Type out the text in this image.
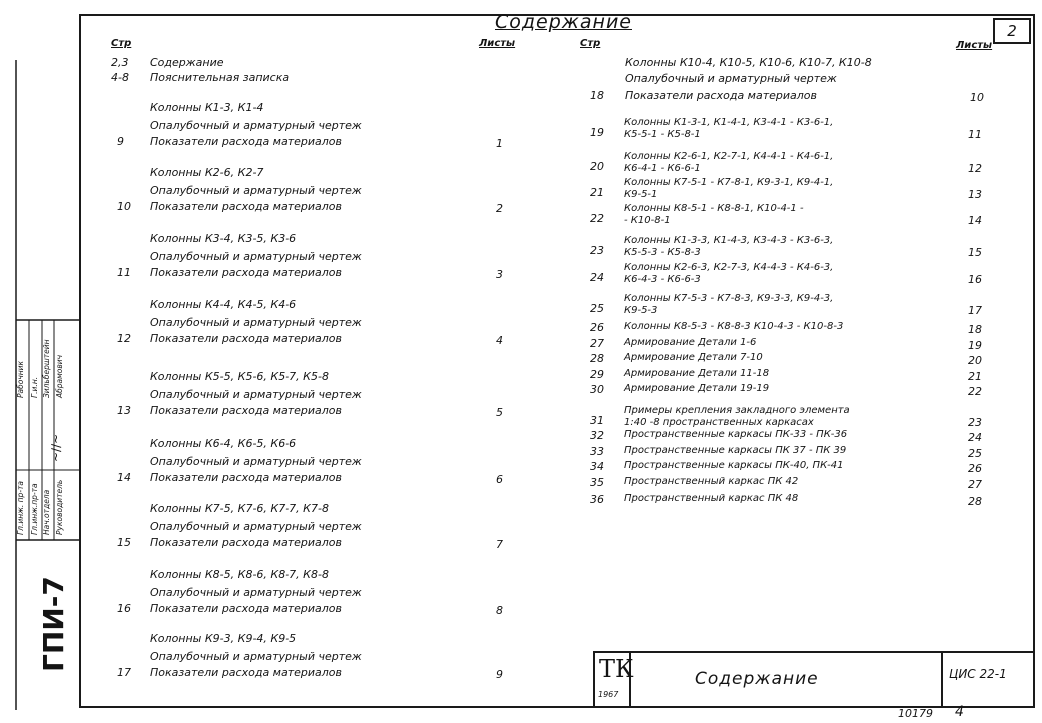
Рабочник Г.и.н. Зильберштейн Абрамович
Гл.инж. пр-та Гл.инж.пр-та Нач.отдела Руководитель
~∕∕~
ГПИ-7
Содержание	2
Стр	Листы	Стр	Листы
2,3 Содержание
4-8 Пояснительная записка
Колонны К1-3, К1-4
Опалубочный и арматурный чертеж
9 Показатели расхода материалов	1
Колонны К2-6, К2-7
Опалубочный и арматурный чертеж
10 Показатели расхода материалов	2
Колонны К3-4, К3-5, К3-6
Опалубочный и арматурный чертеж
11 Показатели расхода материалов	3
Колонны К4-4, К4-5, К4-6
Опалубочный и арматурный чертеж
12 Показатели расхода материалов	4
Колонны К5-5, К5-6, К5-7, К5-8
Опалубочный и арматурный чертеж
13 Показатели расхода материалов	5
Колонны К6-4, К6-5, К6-6
Опалубочный и арматурный чертеж
14 Показатели расхода материалов	6
Колонны К7-5, К7-6, К7-7, К7-8
Опалубочный и арматурный чертеж
15 Показатели расхода материалов	7
Колонны К8-5, К8-6, К8-7, К8-8
Опалубочный и арматурный чертеж
16 Показатели расхода материалов	8
Колонны К9-3, К9-4, К9-5
Опалубочный и арматурный чертеж
17 Показатели расхода материалов	9
Колонны К10-4, К10-5, К10-6, К10-7, К10-8
Опалубочный и арматурный чертеж
18 Показатели расхода материалов	10
19
Колонны К1-3-1, К1-4-1, К3-4-1 - К3-6-1,
К5-5-1 - К5-8-1	11
20
Колонны К2-6-1, К2-7-1, К4-4-1 - К4-6-1,
К6-4-1 - К6-6-1	12
21
Колонны К7-5-1 - К7-8-1, К9-3-1, К9-4-1,
К9-5-1	13
22
Колонны К8-5-1 - К8-8-1, К10-4-1 -
- К10-8-1	14
23
Колонны К1-3-3, К1-4-3, К3-4-3 - К3-6-3,
К5-5-3 - К5-8-3	15
24
Колонны К2-6-3, К2-7-3, К4-4-3 - К4-6-3,
К6-4-3 - К6-6-3	16
25
Колонны К7-5-3 - К7-8-3, К9-3-3, К9-4-3,
К9-5-3	17
26 Колонны К8-5-3 - К8-8-3 К10-4-3 - К10-8-3	18
27 Армирование Детали 1-6	19
28 Армирование Детали 7-10	20
29 Армирование Детали 11-18	21
30 Армирование Детали 19-19	22
31
Примеры крепления закладного элемента
1:40 -8 пространственных каркасах	23
32 Пространственные каркасы ПК-33 - ПК-36	24
33 Пространственные каркасы ПК 37 - ПК 39	25
34 Пространственные каркасы ПК-40, ПК-41	26
35 Пространственный каркас ПК 42	27
36 Пространственный каркас ПК 48	28
ТК
1967
Содержание	ЦИС 22-1
10179 4
